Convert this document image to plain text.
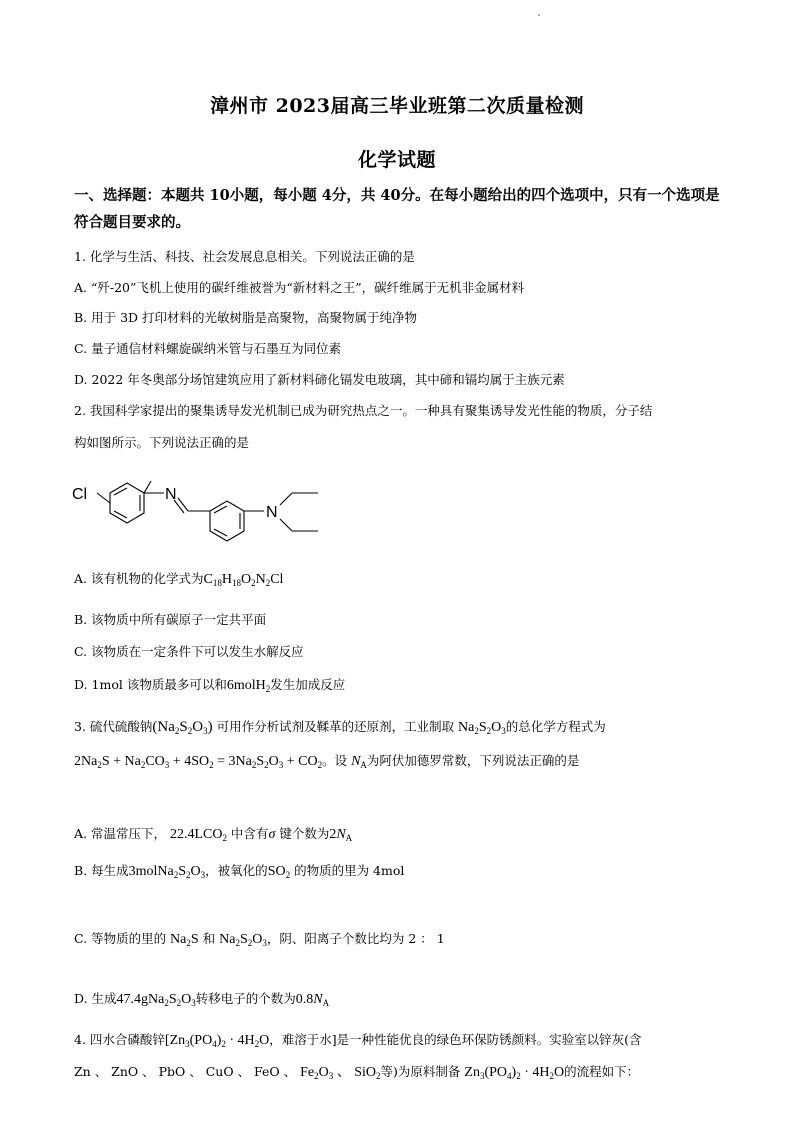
漳州市 2023届高三毕业班第二次质量检测
化学试题
一、选择题：本题共 10小题，每小题 4分，共 40分。在每小题给出的四个选项中，只有一个选项是符合题目要求的。
1. 化学与生活、科技、社会发展息息相关。下列说法正确的是
A. “歼-20”飞机上使用的碳纤维被誉为“新材料之王”，碳纤维属于无机非金属材料
B. 用于 3D 打印材料的光敏树脂是高聚物，高聚物属于纯净物
C. 量子通信材料螺旋碳纳米管与石墨互为同位素
D. 2022 年冬奥部分场馆建筑应用了新材料碲化镉发电玻璃，其中碲和镉均属于主族元素
2. 我国科学家提出的聚集诱导发光机制已成为研究热点之一。一种具有聚集诱导发光性能的物质，分子结
构如图所示。下列说法正确的是
Cl	N
N
A. 该有机物的化学式为$C_{18}H_{18}O_2N_2Cl$
B. 该物质中所有碳原子一定共平面
C. 该物质在一定条件下可以发生水解反应
D. 1mol 该物质最多可以和6molH$_2$发生加成反应
3. 硫代硫酸钠$(Na_2S_2O_3)$ 可用作分析试剂及鞣革的还原剂，工业制取 $Na_2S_2O_3$的总化学方程式为
$2Na_2S + Na_2CO_3 + 4SO_2 = 3Na_2S_2O_3 + CO_2$。设 $N_A$为阿伏加德罗常数，下列说法正确的是
A. 常温常压下， $22.4LCO_2$ 中含有σ 键个数为$2N_A$
B. 每生成$3molNa_2S_2O_3$，被氧化的$SO_2$ 的物质的里为 4mol
C. 等物质的里的 $Na_2S$ 和 $Na_2S_2O_3$，阴、阳离子个数比均为 2 ： 1
D. 生成$47.4gNa_2S_2O_3$转移电子的个数为$0.8N_A$
4. 四水合磷酸锌[$Zn_3(PO_4)_2 \cdot 4H_2O$，难溶于水]是一种性能优良的绿色环保防锈颜料。实验室以锌灰(含
Zn 、 ZnO 、 PbO 、 CuO 、 FeO 、 $Fe_2O_3$ 、 SiO$_2$等)为原料制备 $Zn_3(PO_4)_2 \cdot 4H_2O$的流程如下：
